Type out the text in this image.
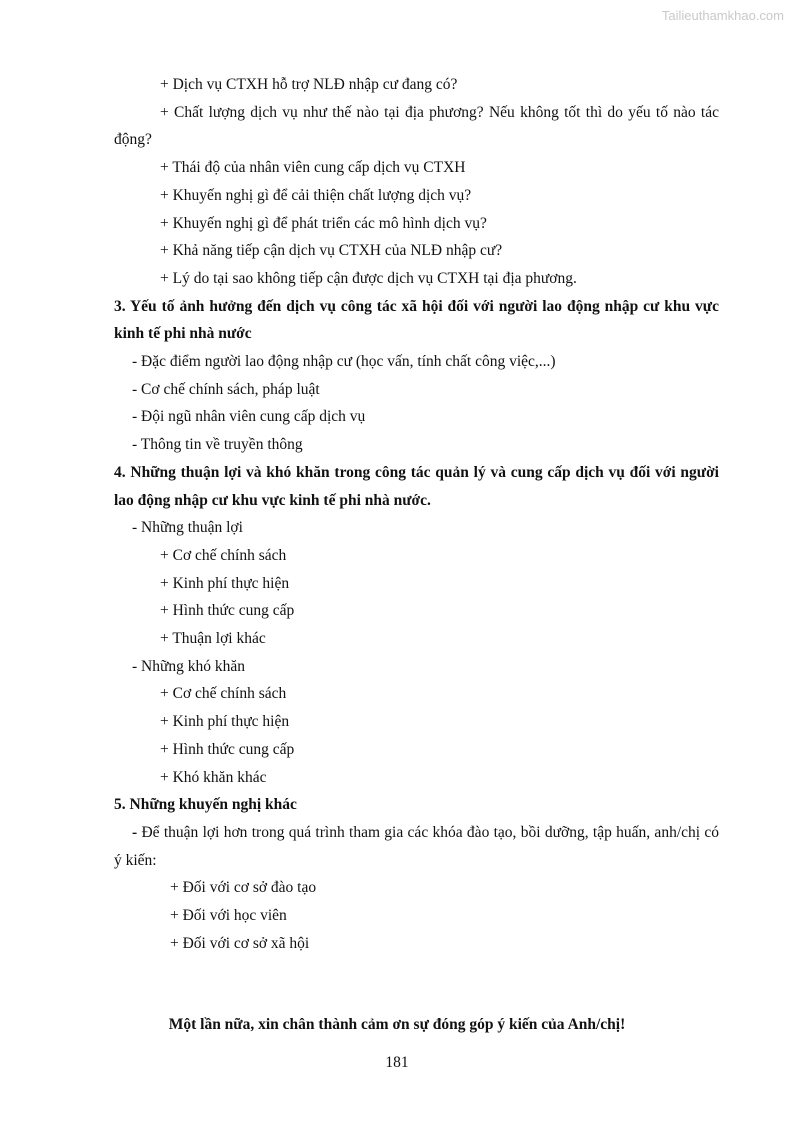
Tailieuthamkhao.com

+ Dịch vụ CTXH hỗ trợ NLĐ nhập cư đang có?

+ Chất lượng dịch vụ như thế nào tại địa phương? Nếu không tốt thì do yếu tố nào tác động?

+ Thái độ của nhân viên cung cấp dịch vụ CTXH

+ Khuyến nghị gì để cải thiện chất lượng dịch vụ?

+ Khuyến nghị gì để phát triển các mô hình dịch vụ?

+ Khả năng tiếp cận dịch vụ CTXH của NLĐ nhập cư?

+ Lý do tại sao không tiếp cận được dịch vụ CTXH tại địa phương.

3. Yếu tố ảnh hưởng đến dịch vụ công tác xã hội đối với người lao động nhập cư khu vực kinh tế phi nhà nước

- Đặc điểm người lao động nhập cư (học vấn, tính chất công việc,...)

- Cơ chế chính sách, pháp luật

- Đội ngũ nhân viên cung cấp dịch vụ

- Thông tin về truyền thông

4. Những thuận lợi và khó khăn trong công tác quản lý và cung cấp dịch vụ đối với người lao động nhập cư khu vực kinh tế phi nhà nước.

- Những thuận lợi

+ Cơ chế chính sách

+ Kinh phí thực hiện

+ Hình thức cung cấp

+ Thuận lợi khác

- Những khó khăn

+ Cơ chế chính sách

+ Kinh phí thực hiện

+ Hình thức cung cấp

+ Khó khăn khác

5. Những khuyến nghị khác

- Để thuận lợi hơn trong quá trình tham gia các khóa đào tạo, bồi dưỡng, tập huấn, anh/chị có ý kiến:

+ Đối với cơ sở đào tạo

+ Đối với học viên

+ Đối với cơ sở xã hội

Một lần nữa, xin chân thành cảm ơn sự đóng góp ý kiến của Anh/chị!
181
